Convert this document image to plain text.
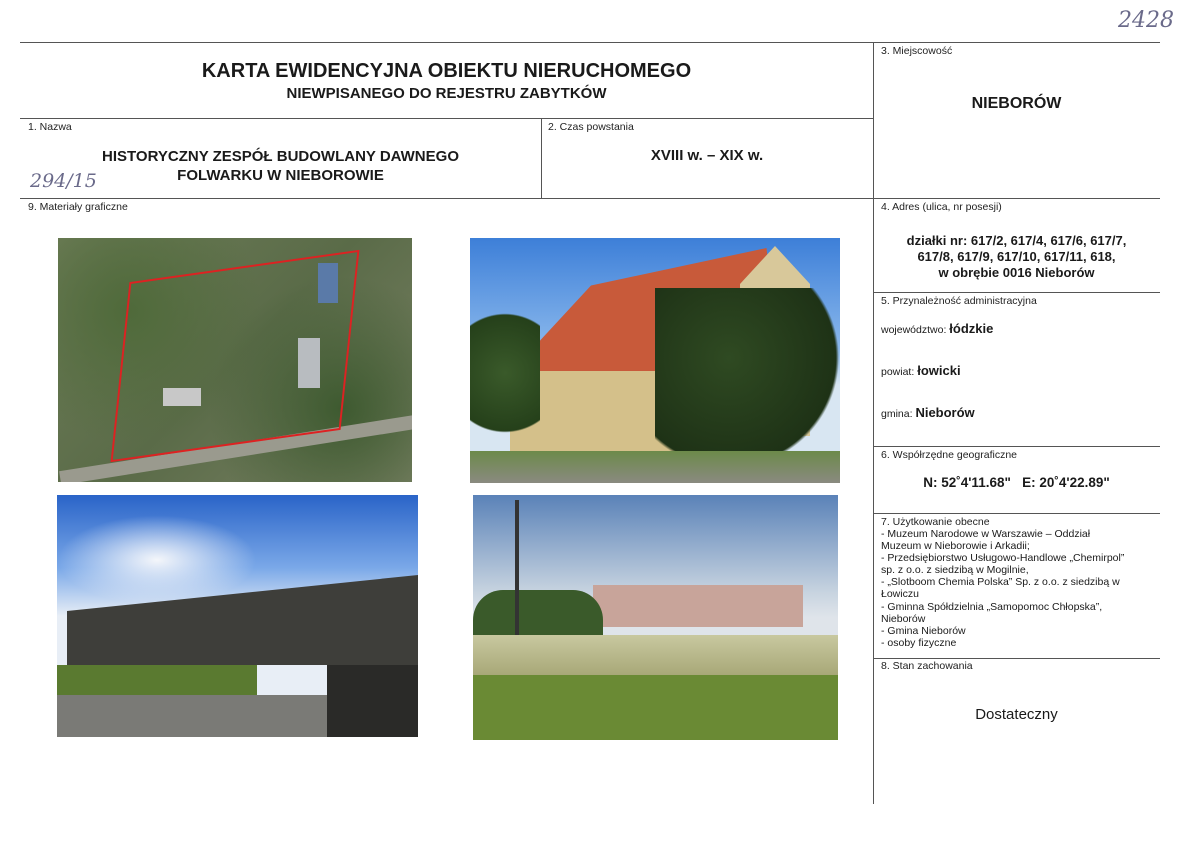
2428
KARTA EWIDENCYJNA OBIEKTU NIERUCHOMEGO
NIEWPISANEGO DO REJESTRU ZABYTKÓW
1. Nazwa
HISTORYCZNY ZESPÓŁ BUDOWLANY DAWNEGO
FOLWARKU W NIEBOROWIE
294/15
2. Czas powstania
XVIII w. – XIX w.
3. Miejscowość
NIEBORÓW
4. Adres (ulica, nr posesji)
działki nr: 617/2, 617/4, 617/6, 617/7,
617/8, 617/9, 617/10, 617/11, 618,
w obrębie 0016 Nieborów
5. Przynależność administracyjna
województwo: łódzkie
powiat: łowicki
gmina: Nieborów
6. Współrzędne geograficzne
N: 52˚4'11.68"   E: 20˚4'22.89"
7. Użytkowanie obecne
- Muzeum Narodowe w Warszawie – Oddział
Muzeum w Nieborowie i Arkadii;
- Przedsiębiorstwo Usługowo-Handlowe „Chemirpol”
sp. z o.o. z siedzibą w Mogilnie,
- „Slotboom Chemia Polska” Sp. z o.o. z siedzibą w
Łowiczu
- Gminna Spółdzielnia „Samopomoc Chłopska”,
Nieborów
- Gmina Nieborów
- osoby fizyczne
8. Stan zachowania
Dostateczny
9. Materiały graficzne
